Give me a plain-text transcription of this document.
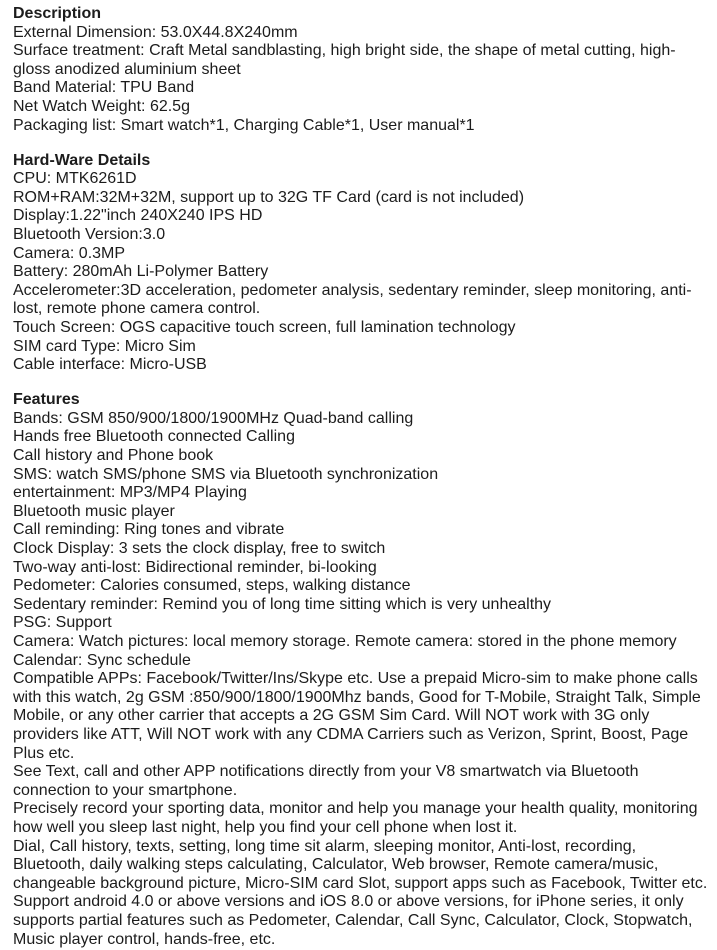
Description
External Dimension: 53.0X44.8X240mm
Surface treatment: Craft Metal sandblasting, high bright side, the shape of metal cutting, high-
gloss anodized aluminium sheet
Band Material: TPU Band
Net Watch Weight: 62.5g
Packaging list: Smart watch*1, Charging Cable*1, User manual*1
Hard-Ware Details
CPU: MTK6261D
ROM+RAM:32M+32M, support up to 32G TF Card (card is not included)
Display:1.22"inch 240X240 IPS HD
Bluetooth Version:3.0
Camera: 0.3MP
Battery: 280mAh Li-Polymer Battery
Accelerometer:3D acceleration, pedometer analysis, sedentary reminder, sleep monitoring, anti-
lost, remote phone camera control.
Touch Screen: OGS capacitive touch screen, full lamination technology
SIM card Type: Micro Sim
Cable interface: Micro-USB
Features
Bands: GSM 850/900/1800/1900MHz Quad-band calling
Hands free Bluetooth connected Calling
Call history and Phone book
SMS: watch SMS/phone SMS via Bluetooth synchronization
entertainment: MP3/MP4 Playing
Bluetooth music player
Call reminding: Ring tones and vibrate
Clock Display: 3 sets the clock display, free to switch
Two-way anti-lost: Bidirectional reminder, bi-looking
Pedometer: Calories consumed, steps, walking distance
Sedentary reminder: Remind you of long time sitting which is very unhealthy
PSG: Support
Camera: Watch pictures: local memory storage. Remote camera: stored in the phone memory
Calendar: Sync schedule
Compatible APPs: Facebook/Twitter/Ins/Skype etc. Use a prepaid Micro-sim to make phone calls
with this watch, 2g GSM :850/900/1800/1900Mhz bands, Good for T-Mobile, Straight Talk, Simple
Mobile, or any other carrier that accepts a 2G GSM Sim Card. Will NOT work with 3G only
providers like ATT, Will NOT work with any CDMA Carriers such as Verizon, Sprint, Boost, Page
Plus etc.
See Text, call and other APP notifications directly from your V8 smartwatch via Bluetooth
connection to your smartphone.
Precisely record your sporting data, monitor and help you manage your health quality, monitoring
how well you sleep last night, help you find your cell phone when lost it.
Dial, Call history, texts, setting, long time sit alarm, sleeping monitor, Anti-lost, recording,
Bluetooth, daily walking steps calculating, Calculator, Web browser, Remote camera/music,
changeable background picture, Micro-SIM card Slot, support apps such as Facebook, Twitter etc.
Support android 4.0 or above versions and iOS 8.0 or above versions, for iPhone series, it only
supports partial features such as Pedometer, Calendar, Call Sync, Calculator, Clock, Stopwatch,
Music player control, hands-free, etc.
